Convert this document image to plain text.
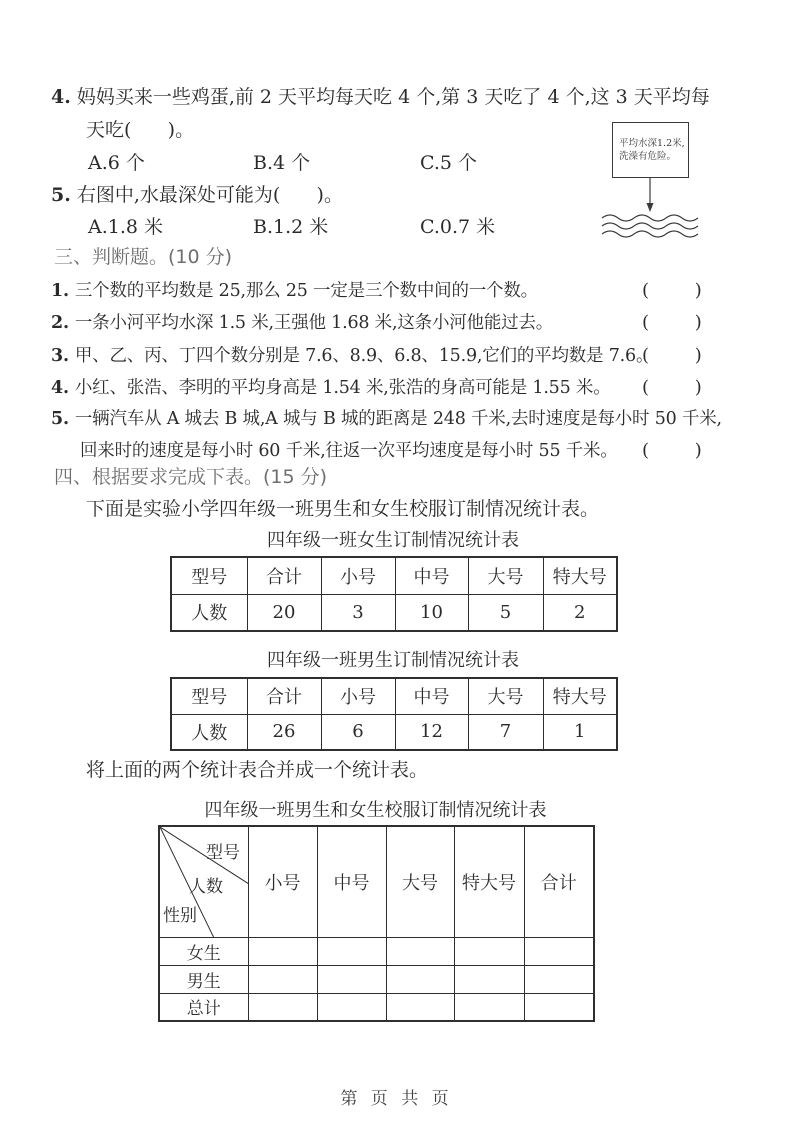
4. 妈妈买来一些鸡蛋,前 2 天平均每天吃 4 个,第 3 天吃了 4 个,这 3 天平均每
天吃(      )。
A.6 个	B.4 个	C.5 个
5. 右图中,水最深处可能为(      )。
A.1.8 米	B.1.2 米	C.0.7 米
平均水深1.2米,
洗澡有危险。
三、判断题。(10 分)
1. 三个数的平均数是 25,那么 25 一定是三个数中间的一个数。	(        )
2. 一条小河平均水深 1.5 米,王强他 1.68 米,这条小河他能过去。	(        )
3. 甲、乙、丙、丁四个数分别是 7.6、8.9、6.8、15.9,它们的平均数是 7.6。
(        )
4. 小红、张浩、李明的平均身高是 1.54 米,张浩的身高可能是 1.55 米。 (        )
5. 一辆汽车从 A 城去 B 城,A 城与 B 城的距离是 248 千米,去时速度是每小时 50 千米,
回来时的速度是每小时 60 千米,往返一次平均速度是每小时 55 千米。 (        )
四、根据要求完成下表。(15 分)
下面是实验小学四年级一班男生和女生校服订制情况统计表。
四年级一班女生订制情况统计表
型号	合计	小号	中号	大号	特大号
人数	20	3	10	5	2
四年级一班男生订制情况统计表
型号	合计	小号	中号	大号	特大号
人数	26	6	12	7	1
将上面的两个统计表合并成一个统计表。
四年级一班男生和女生校服订制情况统计表
型号
人数
性别	小号	中号	大号	特大号	合计
女生					
男生					
总计					
第 页 共 页
